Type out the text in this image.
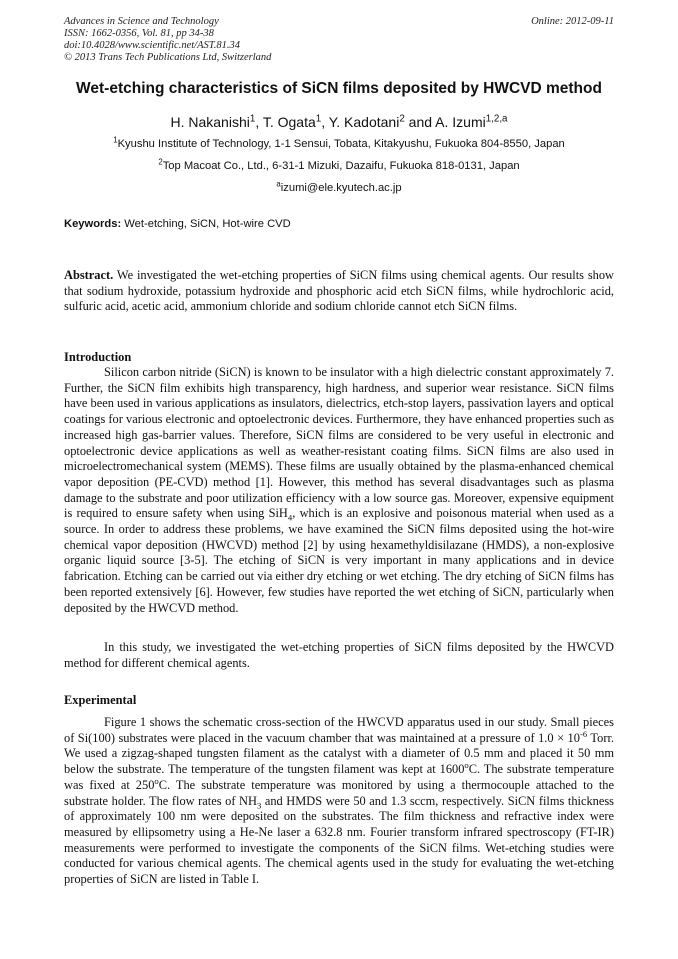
Advances in Science and Technology
ISSN: 1662-0356, Vol. 81, pp 34-38
doi:10.4028/www.scientific.net/AST.81.34
© 2013 Trans Tech Publications Ltd, Switzerland
Online: 2012-09-11
Wet-etching characteristics of SiCN films deposited by HWCVD method
H. Nakanishi$^1$, T. Ogata$^1$, Y. Kadotani$^2$ and A. Izumi$^{1,2,a}$
$^1$Kyushu Institute of Technology, 1-1 Sensui, Tobata, Kitakyushu, Fukuoka 804-8550, Japan
$^2$Top Macoat Co., Ltd., 6-31-1 Mizuki, Dazaifu, Fukuoka 818-0131, Japan
$^a$izumi@ele.kyutech.ac.jp
Keywords: Wet-etching, SiCN, Hot-wire CVD
Abstract. We investigated the wet-etching properties of SiCN films using chemical agents. Our results show that sodium hydroxide, potassium hydroxide and phosphoric acid etch SiCN films, while hydrochloric acid, sulfuric acid, acetic acid, ammonium chloride and sodium chloride cannot etch SiCN films.
Introduction
Silicon carbon nitride (SiCN) is known to be insulator with a high dielectric constant approximately 7. Further, the SiCN film exhibits high transparency, high hardness, and superior wear resistance. SiCN films have been used in various applications as insulators, dielectrics, etch-stop layers, passivation layers and optical coatings for various electronic and optoelectronic devices. Furthermore, they have enhanced properties such as increased high gas-barrier values. Therefore, SiCN films are considered to be very useful in electronic and optoelectronic device applications as well as weather-resistant coating films. SiCN films are also used in microelectromechanical system (MEMS). These films are usually obtained by the plasma-enhanced chemical vapor deposition (PE-CVD) method [1]. However, this method has several disadvantages such as plasma damage to the substrate and poor utilization efficiency with a low source gas. Moreover, expensive equipment is required to ensure safety when using SiH$_4$, which is an explosive and poisonous material when used as a source. In order to address these problems, we have examined the SiCN films deposited using the hot-wire chemical vapor deposition (HWCVD) method [2] by using hexamethyldisilazane (HMDS), a non-explosive organic liquid source [3-5]. The etching of SiCN is very important in many applications and in device fabrication. Etching can be carried out via either dry etching or wet etching. The dry etching of SiCN films has been reported extensively [6]. However, few studies have reported the wet etching of SiCN, particularly when deposited by the HWCVD method.
In this study, we investigated the wet-etching properties of SiCN films deposited by the HWCVD method for different chemical agents.
Experimental
Figure 1 shows the schematic cross-section of the HWCVD apparatus used in our study. Small pieces of Si(100) substrates were placed in the vacuum chamber that was maintained at a pressure of $1.0 \times 10^{-6}$ Torr. We used a zigzag-shaped tungsten filament as the catalyst with a diameter of 0.5 mm and placed it 50 mm below the substrate. The temperature of the tungsten filament was kept at 1600$^o$C. The substrate temperature was fixed at 250$^o$C. The substrate temperature was monitored by using a thermocouple attached to the substrate holder. The flow rates of $NH_3$ and HMDS were 50 and 1.3 sccm, respectively. SiCN films thickness of approximately 100 nm were deposited on the substrates. The film thickness and refractive index were measured by ellipsometry using a He-Ne laser a 632.8 nm. Fourier transform infrared spectroscopy (FT-IR) measurements were performed to investigate the components of the SiCN films. Wet-etching studies were conducted for various chemical agents. The chemical agents used in the study for evaluating the wet-etching properties of SiCN are listed in Table I.
